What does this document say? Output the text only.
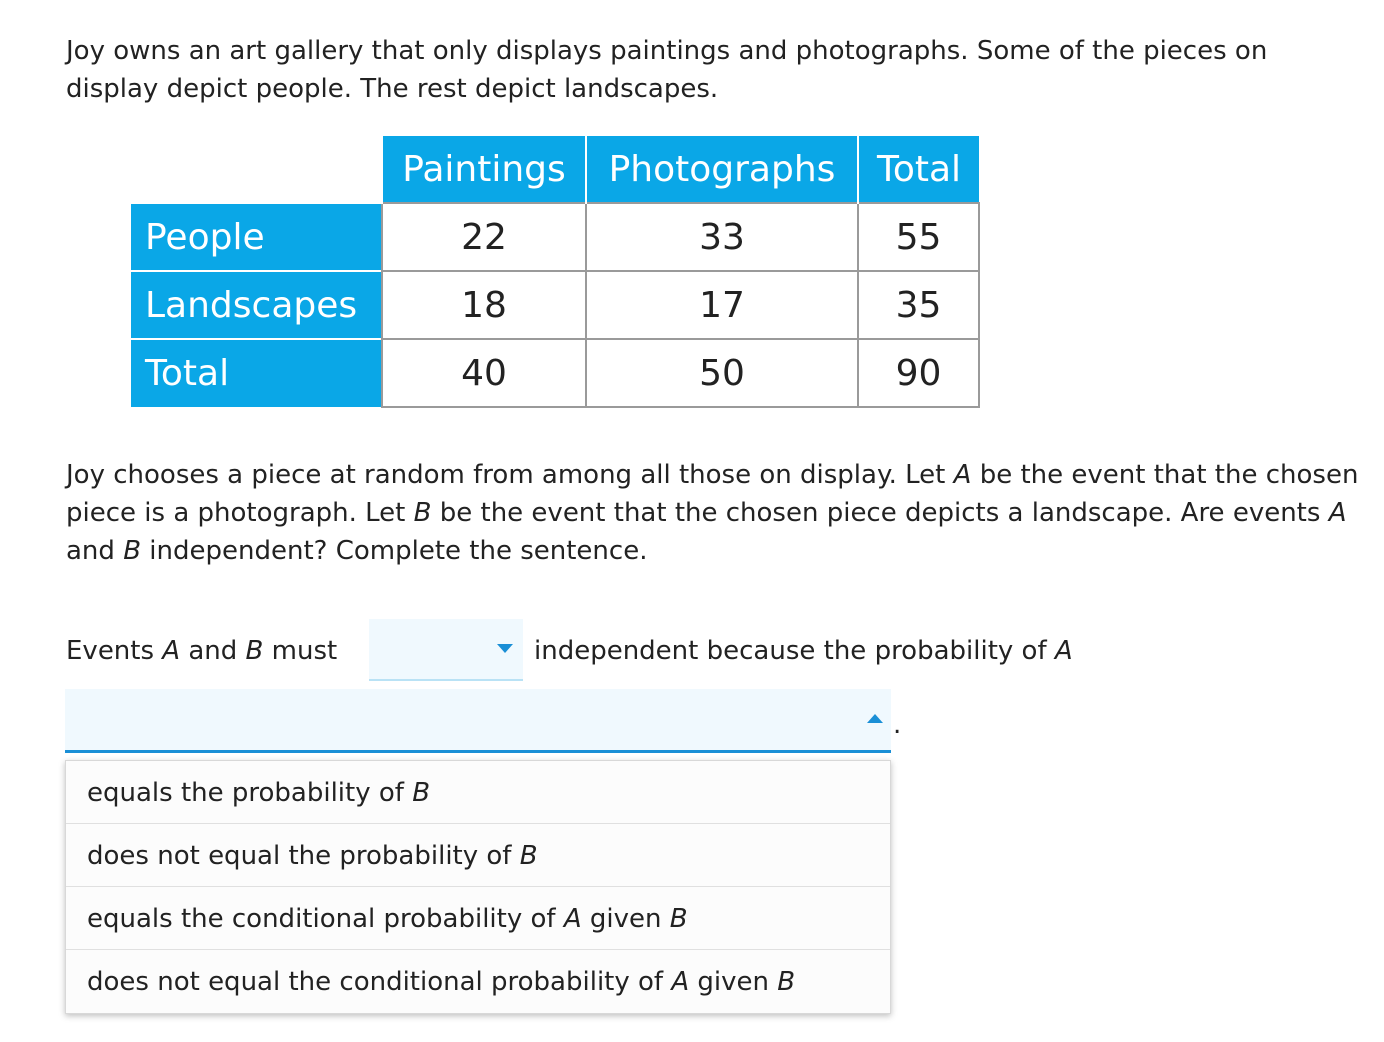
Joy owns an art gallery that only displays paintings and photographs. Some of the pieces on display depict people. The rest depict landscapes.

	Paintings	Photographs	Total
People	22	33	55
Landscapes	18	17	35
Total	40	50	90

Joy chooses a piece at random from among all those on display. Let A be the event that the chosen piece is a photograph. Let B be the event that the chosen piece depicts a landscape. Are events A and B independent? Complete the sentence.

Events A and B must	independent because the probability of A
.
equals the probability of B
does not equal the probability of B
equals the conditional probability of A given B
does not equal the conditional probability of A given B
